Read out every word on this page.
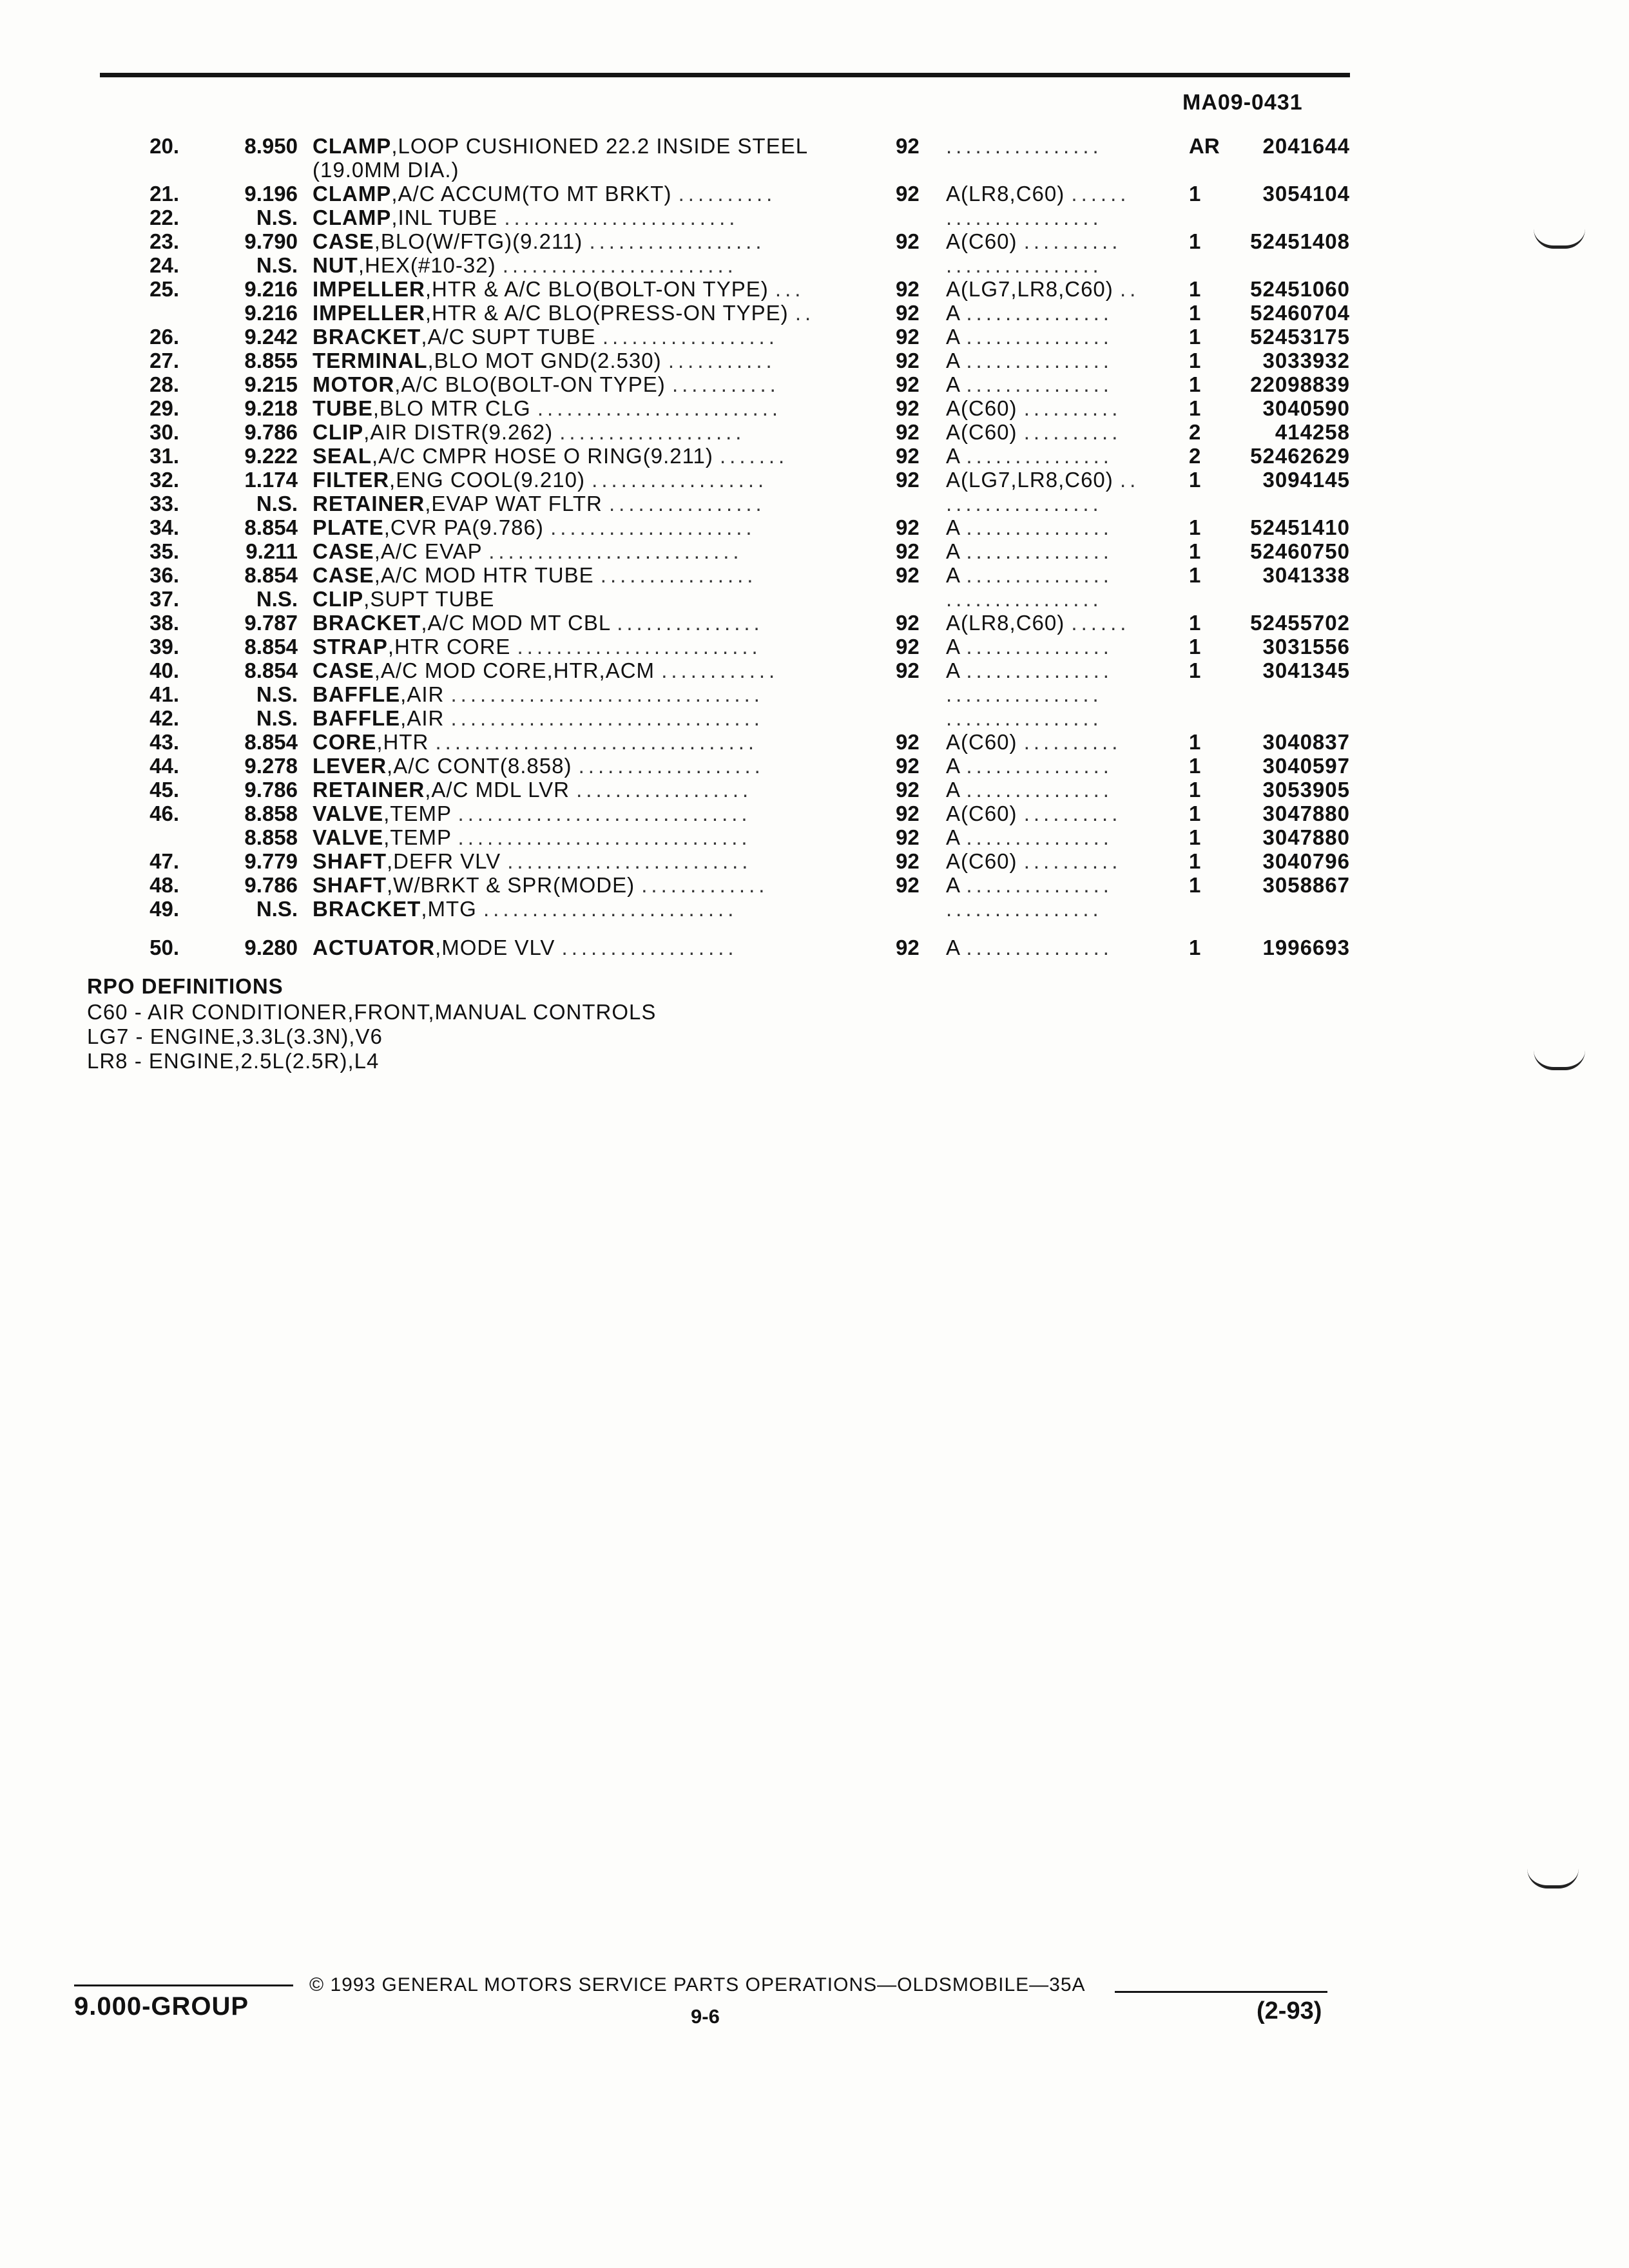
MA09-0431
20.	8.950 CLAMP,LOOP CUSHIONED 22.2 INSIDE STEEL	92	................	AR	2041644
(19.0MM DIA.)
21.	9.196 CLAMP,A/C ACCUM(TO MT BRKT) ..........	92	A(LR8,C60) ......	1	3054104
22.	N.S. CLAMP,INL TUBE ........................	................
23.	9.790 CASE,BLO(W/FTG)(9.211) ..................	92	A(C60) ..........	1	52451408
24.	N.S. NUT,HEX(#10-32) ........................	................
25.	9.216 IMPELLER,HTR & A/C BLO(BOLT-ON TYPE) ...	92	A(LG7,LR8,C60) ..	1	52451060
9.216 IMPELLER,HTR & A/C BLO(PRESS-ON TYPE) ..	92	A ...............	1	52460704
26.	9.242 BRACKET,A/C SUPT TUBE ..................	92	A ...............	1	52453175
27.	8.855 TERMINAL,BLO MOT GND(2.530) ...........	92	A ...............	1	3033932
28.	9.215 MOTOR,A/C BLO(BOLT-ON TYPE) ...........	92	A ...............	1	22098839
29.	9.218 TUBE,BLO MTR CLG .........................	92	A(C60) ..........	1	3040590
30.	9.786 CLIP,AIR DISTR(9.262) ...................	92	A(C60) ..........	2	414258
31.	9.222 SEAL,A/C CMPR HOSE O RING(9.211) .......	92	A ...............	2	52462629
32.	1.174 FILTER,ENG COOL(9.210) ..................	92	A(LG7,LR8,C60) ..	1	3094145
33.	N.S. RETAINER,EVAP WAT FLTR ................	................
34.	8.854 PLATE,CVR PA(9.786) .....................	92	A ...............	1	52451410
35.	9.211 CASE,A/C EVAP ..........................	92	A ...............	1	52460750
36.	8.854 CASE,A/C MOD HTR TUBE ................	92	A ...............	1	3041338
37.	N.S. CLIP,SUPT TUBE	................
38.	9.787 BRACKET,A/C MOD MT CBL ...............	92	A(LR8,C60) ......	1	52455702
39.	8.854 STRAP,HTR CORE .........................	92	A ...............	1	3031556
40.	8.854 CASE,A/C MOD CORE,HTR,ACM ............	92	A ...............	1	3041345
41.	N.S. BAFFLE,AIR ................................	................
42.	N.S. BAFFLE,AIR ................................	................
43.	8.854 CORE,HTR .................................	92	A(C60) ..........	1	3040837
44.	9.278 LEVER,A/C CONT(8.858) ...................	92	A ...............	1	3040597
45.	9.786 RETAINER,A/C MDL LVR ..................	92	A ...............	1	3053905
46.	8.858 VALVE,TEMP ..............................	92	A(C60) ..........	1	3047880
8.858 VALVE,TEMP ..............................	92	A ...............	1	3047880
47.	9.779 SHAFT,DEFR VLV .........................	92	A(C60) ..........	1	3040796
48.	9.786 SHAFT,W/BRKT & SPR(MODE) .............	92	A ...............	1	3058867
49.	N.S. BRACKET,MTG ..........................	................
50.	9.280 ACTUATOR,MODE VLV ..................	92	A ...............	1	1996693
RPO DEFINITIONS
C60 - AIR CONDITIONER,FRONT,MANUAL CONTROLS
LG7 - ENGINE,3.3L(3.3N),V6
LR8 - ENGINE,2.5L(2.5R),L4
9.000-GROUP
© 1993 GENERAL MOTORS SERVICE PARTS OPERATIONS—OLDSMOBILE—35A
9-6	(2-93)
